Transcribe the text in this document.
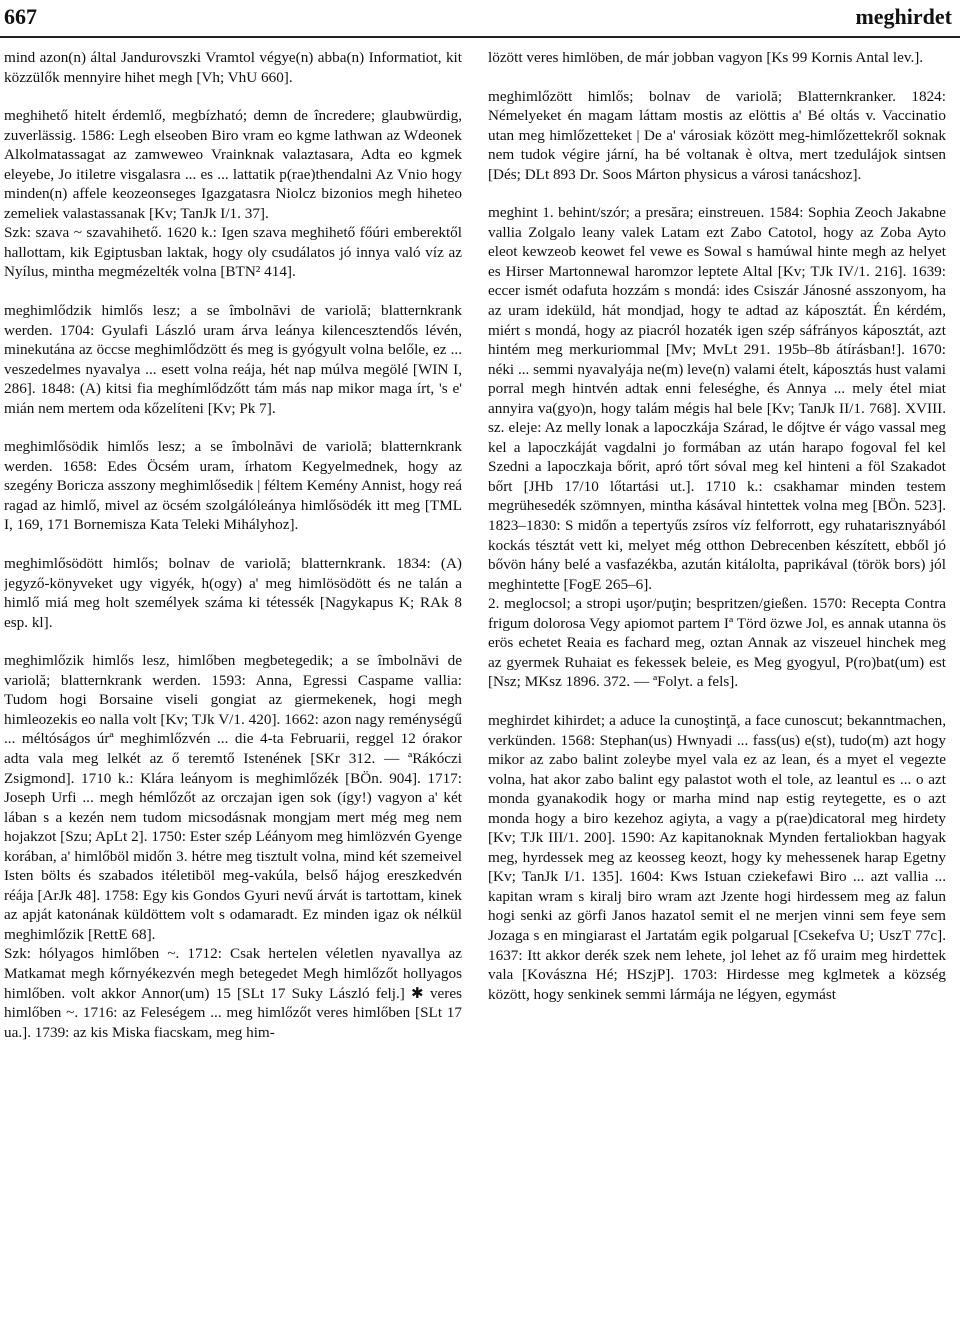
667	meghirdet

mind azon(n) által Jandurovszki Vramtol végye(n) abba(n) Informatiot, kit közzülők mennyire hihet megh [Vh; VhU 660].

meghihető hitelt érdemlő, megbízható; demn de încredere; glaubwürdig, zuverlässig. 1586: Legh elseoben Biro vram eo kgme lathwan az Wdeonek Alkolmatassagat az zamweweo Vrainknak valaztasara, Adta eo kgmek eleyebe, Jo itiletre visgalasra ... es ... lattatik p(rae)thendalni Az Vnio hogy minden(n) affele keozeonseges Igazgatasra Niolcz bizonios megh hiheteo zemeliek valastassanak [Kv; TanJk I/1. 37].

Szk: szava ~ szavahihető. 1620 k.: Igen szava meghihető főúri emberektől hallottam, kik Egiptusban laktak, hogy oly csudálatos jó innya való víz az Nyílus, mintha megmézelték volna [BTN² 414].

meghimlődzik himlős lesz; a se îmbolnăvi de variolă; blatternkrank werden. 1704: Gyulafi László uram árva leánya kilencesztendős lévén, minekutána az öccse meghimlődzött és meg is gyógyult volna belőle, ez ... veszedelmes nyavalya ... esett volna reája, hét nap múlva megölé [WIN I, 286]. 1848: (A) kitsi fia meghímlődzőtt tám más nap mikor maga írt, 's e' mián nem mertem oda kőzelíteni [Kv; Pk 7].

meghimlősödik himlős lesz; a se îmbolnăvi de variolă; blatternkrank werden. 1658: Edes Öcsém uram, írhatom Kegyelmednek, hogy az szegény Boricza asszony meghimlősedik | féltem Kemény Annist, hogy reá ragad az himlő, mivel az öcsém szolgálóleánya himlősödék itt meg [TML I, 169, 171 Bornemisza Kata Teleki Mihályhoz].

meghimlősödött himlős; bolnav de variolă; blatternkrank. 1834: (A) jegyző-könyveket ugy vigyék, h(ogy) a' meg himlösödött és ne talán a himlő miá meg holt személyek száma ki tétessék [Nagykapus K; RAk 8 esp. kl].

meghimlőzik himlős lesz, himlőben megbetegedik; a se îmbolnăvi de variolă; blatternkrank werden. 1593: Anna, Egressi Caspame vallia: Tudom hogi Borsaine viseli gongiat az giermekenek, hogi megh himleozekis eo nalla volt [Kv; TJk V/1. 420]. 1662: azon nagy reménységű ... méltóságos úrª meghimlőzvén ... die 4-ta Februarii, reggel 12 órakor adta vala meg lelkét az ő teremtő Istenének [SKr 312. — ªRákóczi Zsigmond]. 1710 k.: Klára leányom is meghimlőzék [BÖn. 904]. 1717: Joseph Urfi ... megh hémlőzőt az orczajan igen sok (így!) vagyon a' két lában s a kezén nem tudom micsodásnak mongjam mert még meg nem hojakzot [Szu; ApLt 2]. 1750: Ester szép Léányom meg himlözvén Gyenge korában, a' himlőböl midőn 3. hétre meg tisztult volna, mind két szemeivel Isten bölts és szabados itéletiböl meg-vakúla, belső hájog ereszkedvén réája [ArJk 48]. 1758: Egy kis Gondos Gyuri nevű árvát is tartottam, kinek az apját katonának küldöttem volt s odamaradt. Ez minden igaz ok nélkül meghimlőzik [RettE 68].

Szk: hólyagos himlőben ~. 1712: Csak hertelen véletlen nyavallya az Matkamat megh kőrnyékezvén megh betegedet Megh himlőzőt hollyagos himlőben. volt akkor Annor(um) 15 [SLt 17 Suky László felj.] ✱ veres himlőben ~. 1716: az Feleségem ... meg himlőzőt veres himlőben [SLt 17 ua.]. 1739: az kis Miska fiacskam, meg him-

lözött veres himlöben, de már jobban vagyon [Ks 99 Kornis Antal lev.].

meghimlőzött himlős; bolnav de variolă; Blatternkranker. 1824: Némelyeket én magam láttam mostis az elöttis a' Bé oltás v. Vaccinatio utan meg himlőzetteket | De a' városiak között meg-himlőzettekről soknak nem tudok végire jární, ha bé voltanak è oltva, mert tzedulájok sintsen [Dés; DLt 893 Dr. Soos Márton physicus a városi tanácshoz].

meghint 1. behint/szór; a presăra; einstreuen. 1584: Sophia Zeoch Jakabne vallia Zolgalo leany valek Latam ezt Zabo Catotol, hogy az Zoba Ayto eleot kewzeob keowet fel vewe es Sowal s hamúwal hinte megh az helyet es Hirser Martonnewal haromzor leptete Altal [Kv; TJk IV/1. 216]. 1639: eccer ismét odafuta hozzám s mondá: ides Csiszár Jánosné asszonyom, ha az uram ideküld, hát mondjad, hogy te adtad az káposztát. Én kérdém, miért s mondá, hogy az piacról hozaték igen szép sáfrányos káposztát, azt hintém meg merkuriommal [Mv; MvLt 291. 195b–8b átírásban!]. 1670: néki ... semmi nyavalyája ne(m) leve(n) valami ételt, káposztás hust valami porral megh hintvén adtak enni feleséghe, és Annya ... mely étel miat annyira va(gyo)n, hogy talám mégis hal bele [Kv; TanJk II/1. 768]. XVIII. sz. eleje: Az melly lonak a lapoczkája Szárad, le dőjtve ér vágo vassal meg kel a lapoczkáját vagdalni jo formában az után harapo fogoval fel kel Szedni a lapoczkaja bőrit, apró tőrt sóval meg kel hinteni a föl Szakadot bőrt [JHb 17/10 lőtartási ut.]. 1710 k.: csakhamar minden testem megrühesedék szömnyen, mintha kásával hintettek volna meg [BÖn. 523]. 1823–1830: S midőn a tepertyűs zsíros víz felforrott, egy ruhatarisznyából kockás tésztát vett ki, melyet még otthon Debrecenben készített, ebből jó bővön hány belé a vasfazékba, azután kitálolta, paprikával (török bors) jól meghintette [FogE 265–6].

2. meglocsol; a stropi uşor/puţin; bespritzen/gießen. 1570: Recepta Contra frigum dolorosa Vegy apiomot partem Iª Törd özwe Jol, es annak utanna ös erös echetet Reaia es fachard meg, oztan Annak az viszeuel hinchek meg az gyermek Ruhaiat es fekessek beleie, es Meg gyogyul, P(ro)bat(um) est [Nsz; MKsz 1896. 372. — ªFolyt. a fels].

meghirdet kihirdet; a aduce la cunoştinţă, a face cunoscut; bekanntmachen, verkünden. 1568: Stephan(us) Hwnyadi ... fass(us) e(st), tudo(m) azt hogy mikor az zabo balint zoleybe myel vala ez az lean, és a myet el vegezte volna, hat akor zabo balint egy palastot woth el tole, az leantul es ... o azt monda gyanakodik hogy or marha mind nap estig reytegette, es o azt monda hogy a biro kezehoz agiyta, a vagy a p(rae)dicatoral meg hirdety [Kv; TJk III/1. 200]. 1590: Az kapitanoknak Mynden fertaliokban hagyak meg, hyrdessek meg az keosseg keozt, hogy ky mehessenek harap Egetny [Kv; TanJk I/1. 135]. 1604: Kws Istuan cziekefawi Biro ... azt vallia ... kapitan wram s kiralj biro wram azt Jzente hogi hirdessem meg az falun hogi senki az görfi Janos hazatol semit el ne merjen vinni sem feye sem Jozaga s en mingiarast el Jartatám egik polgarual [Csekefva U; UszT 77c]. 1637: Itt akkor derék szek nem lehete, jol lehet az fő uraim meg hirdettek vala [Kovászna Hé; HSzjP]. 1703: Hirdesse meg kglmetek a község között, hogy senkinek semmi lármája ne légyen, egymást
